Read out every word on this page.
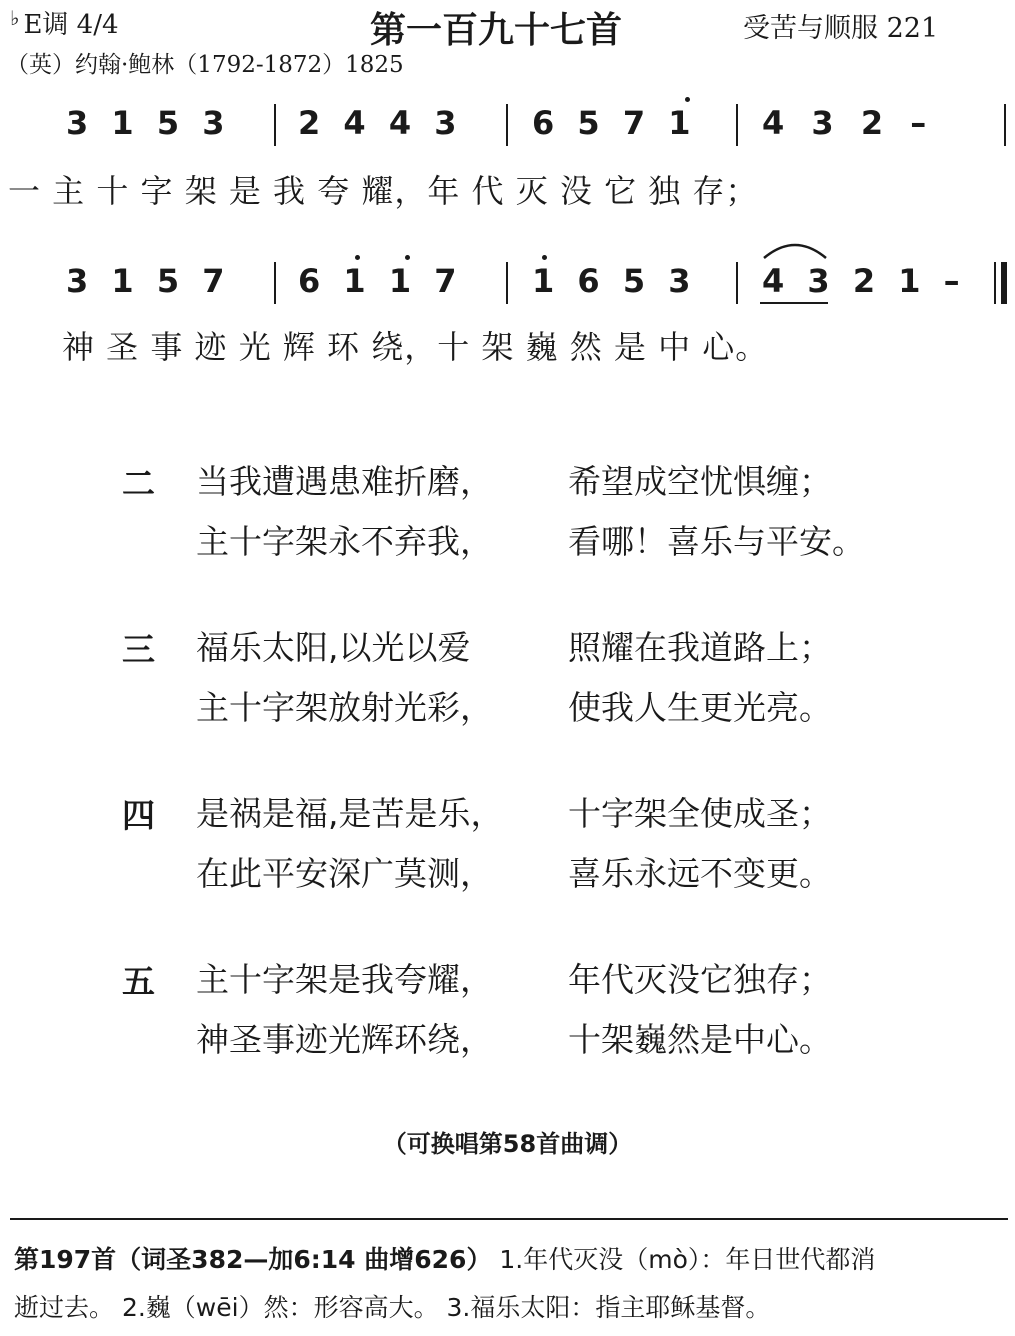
♭ E调 4/4	第一百九十七首	受苦与顺服 221
（英）约翰·鲍林（1792-1872）1825
3 1 5 3 2 4 4 3 6 5 7 1 4 3 2 –
一 主 十 字 架 是 我 夸 耀，年 代 灭 没 它 独 存；
3 1 5 7 6 1 1 7 1 6 5 3 4 3 2 1 –
神 圣 事 迹 光 辉 环 绕，十 架 巍 然 是 中 心。
二 当我遭遇患难折磨， 希望成空忧惧缠；
主十字架永不弃我， 看哪！喜乐与平安。
三 福乐太阳,以光以爱	照耀在我道路上；
主十字架放射光彩， 使我人生更光亮。
四 是祸是福,是苦是乐， 十字架全使成圣；
在此平安深广莫测， 喜乐永远不变更。
五 主十字架是我夸耀， 年代灭没它独存；
神圣事迹光辉环绕， 十架巍然是中心。
（可换唱第58首曲调）
第197首（词圣382—加6:14 曲增626） 1.年代灭没（mò）：年日世代都消
逝过去。 2.巍（wēi）然：形容高大。 3.福乐太阳：指主耶稣基督。
